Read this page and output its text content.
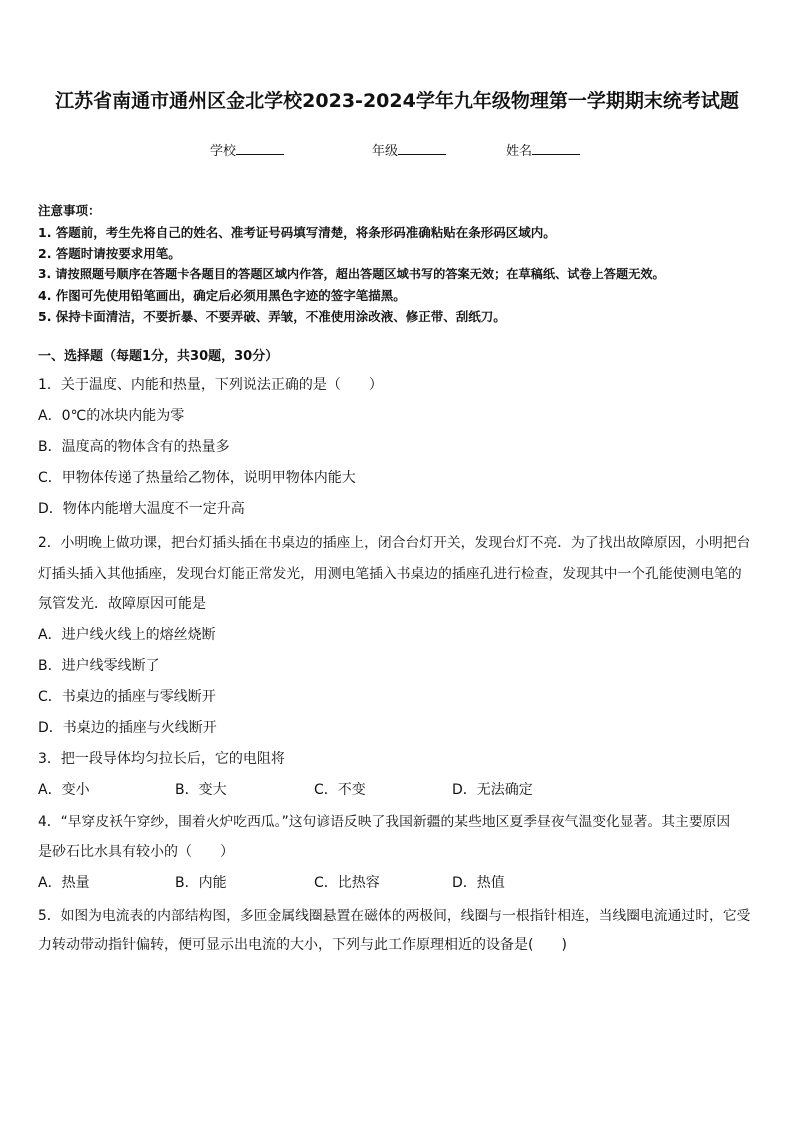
江苏省南通市通州区金北学校2023-2024学年九年级物理第一学期期末统考试题
学校	年级	姓名
注意事项：
1. 答题前，考生先将自己的姓名、准考证号码填写清楚，将条形码准确粘贴在条形码区域内。
2. 答题时请按要求用笔。
3. 请按照题号顺序在答题卡各题目的答题区域内作答，超出答题区域书写的答案无效；在草稿纸、试卷上答题无效。
4. 作图可先使用铅笔画出，确定后必须用黑色字迹的签字笔描黑。
5. 保持卡面清洁，不要折暴、不要弄破、弄皱，不准使用涂改液、修正带、刮纸刀。
一、选择题（每题1分，共30题，30分）
1．关于温度、内能和热量，下列说法正确的是（　　）
A．0℃的冰块内能为零
B．温度高的物体含有的热量多
C．甲物体传递了热量给乙物体，说明甲物体内能大
D．物体内能增大温度不一定升高
2．小明晚上做功课，把台灯插头插在书桌边的插座上，闭合台灯开关，发现台灯不亮．为了找出故障原因，小明把台
灯插头插入其他插座，发现台灯能正常发光，用测电笔插入书桌边的插座孔进行检查，发现其中一个孔能使测电笔的
氖管发光．故障原因可能是
A．进户线火线上的熔丝烧断
B．进户线零线断了
C．书桌边的插座与零线断开
D．书桌边的插座与火线断开
3．把一段导体均匀拉长后，它的电阻将
A．变小	B．变大	C．不变	D．无法确定
4．“早穿皮袄午穿纱，围着火炉吃西瓜。”这句谚语反映了我国新疆的某些地区夏季昼夜气温变化显著。其主要原因
是砂石比水具有较小的（　　）
A．热量	B．内能	C．比热容	D．热值
5．如图为电流表的内部结构图，多匝金属线圈悬置在磁体的两极间，线圈与一根指针相连，当线圈电流通过时，它受
力转动带动指针偏转，便可显示出电流的大小，下列与此工作原理相近的设备是(　　)
